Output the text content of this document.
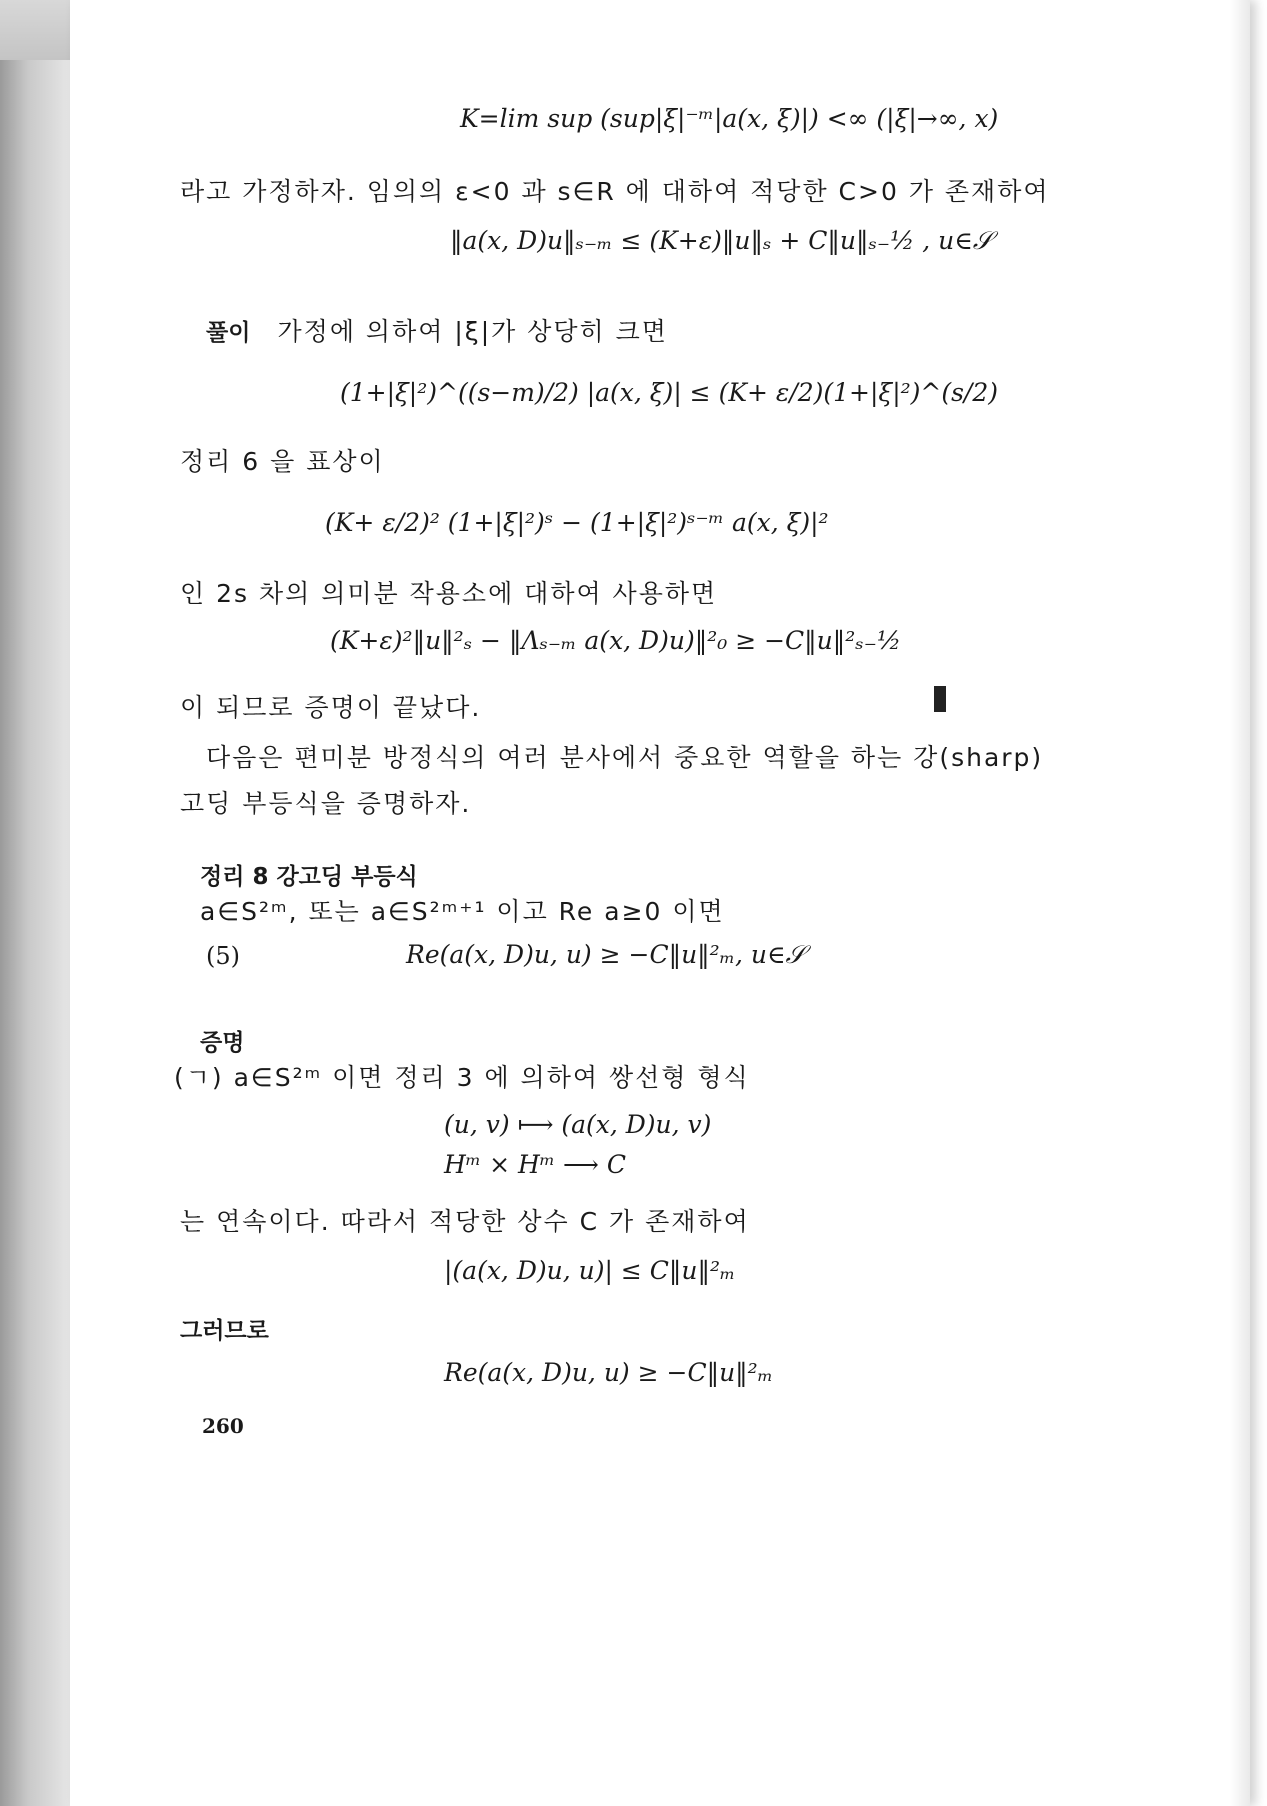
K=lim sup (sup|ξ|⁻ᵐ|a(x, ξ)|) <∞ (|ξ|→∞, x)
라고 가정하자. 임의의 ε<0 과 s∈R 에 대하여 적당한 C>0 가 존재하여
‖a(x, D)u‖ₛ₋ₘ ≤ (K+ε)‖u‖ₛ + C‖u‖ₛ₋½ , u∈𝒮
풀이 가정에 의하여 |ξ|가 상당히 크면
(1+|ξ|²)^((s−m)/2) |a(x, ξ)| ≤ (K+ ε/2)(1+|ξ|²)^(s/2)
정리 6 을 표상이
(K+ ε/2)² (1+|ξ|²)ˢ − (1+|ξ|²)ˢ⁻ᵐ a(x, ξ)|²
인 2s 차의 의미분 작용소에 대하여 사용하면
(K+ε)²‖u‖²ₛ − ‖Λₛ₋ₘ a(x, D)u)‖²₀ ≥ −C‖u‖²ₛ₋½
이 되므로 증명이 끝났다.
다음은 편미분 방정식의 여러 분사에서 중요한 역할을 하는 강(sharp)
고딩 부등식을 증명하자.
정리 8 강고딩 부등식
a∈S²ᵐ, 또는 a∈S²ᵐ⁺¹ 이고 Re a≥0 이면
(5)	Re(a(x, D)u, u) ≥ −C‖u‖²ₘ, u∈𝒮
증명
(ㄱ) a∈S²ᵐ 이면 정리 3 에 의하여 쌍선형 형식
(u, v) ⟼ (a(x, D)u, v)
Hᵐ × Hᵐ ⟶ C
는 연속이다. 따라서 적당한 상수 C 가 존재하여
|(a(x, D)u, u)| ≤ C‖u‖²ₘ
그러므로
Re(a(x, D)u, u) ≥ −C‖u‖²ₘ
260
